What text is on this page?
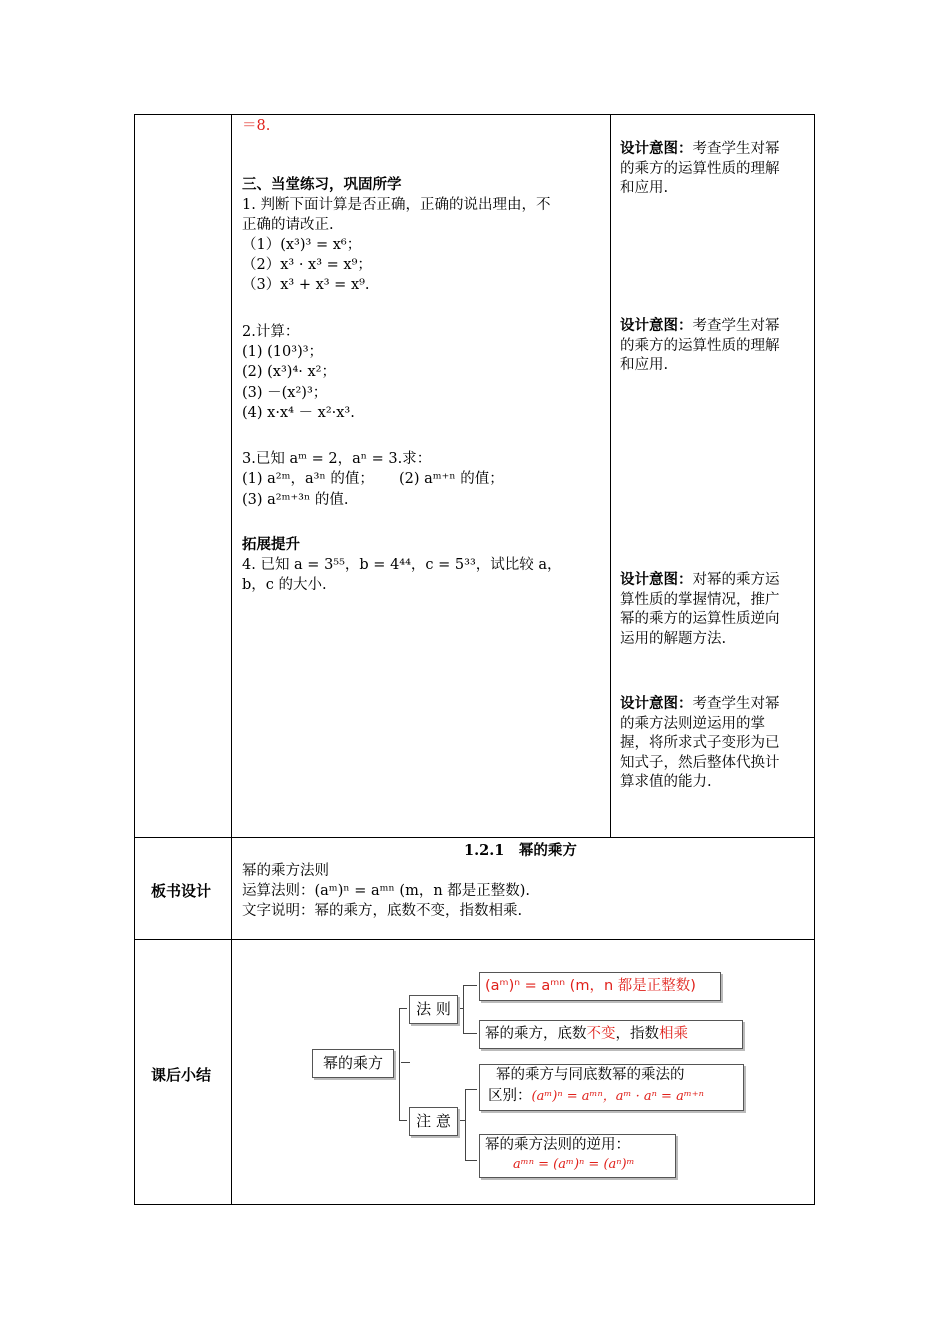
＝8.
三、当堂练习，巩固所学
1. 判断下面计算是否正确，正确的说出理由，不
正确的请改正.
（1）(x³)³ = x⁶；
（2）x³ · x³ = x⁹；
（3）x³ + x³ = x⁹.
2.计算：
(1) (10³)³；
(2) (x³)⁴· x²；
(3) －(x²)³；
(4) x·x⁴ － x²·x³.
3.已知 aᵐ = 2，aⁿ = 3.求：
(1) a²ᵐ，a³ⁿ 的值； (2) aᵐ⁺ⁿ 的值；
(3) a²ᵐ⁺³ⁿ 的值.
拓展提升
4. 已知 a = 3⁵⁵，b = 4⁴⁴，c = 5³³，试比较 a，
b，c 的大小.
设计意图：考查学生对幂
的乘方的运算性质的理解
和应用.
设计意图：考查学生对幂
的乘方的运算性质的理解
和应用.
设计意图：对幂的乘方运
算性质的掌握情况，推广
幂的乘方的运算性质逆向
运用的解题方法.
设计意图：考查学生对幂
的乘方法则逆运用的掌
握，将所求式子变形为已
知式子，然后整体代换计
算求值的能力.
板书设计
1.2.1　幂的乘方
幂的乘方法则
运算法则：(aᵐ)ⁿ = aᵐⁿ (m，n 都是正整数).
文字说明：幂的乘方，底数不变，指数相乘.
课后小结
幂的乘方
法 则
注 意
(aᵐ)ⁿ = aᵐⁿ (m，n 都是正整数)
幂的乘方，底数不变，指数相乘
幂的乘方与同底数幂的乘法的
区别：(aᵐ)ⁿ = aᵐⁿ，aᵐ · aⁿ = aᵐ⁺ⁿ
幂的乘方法则的逆用：
aᵐⁿ = (aᵐ)ⁿ = (aⁿ)ᵐ
